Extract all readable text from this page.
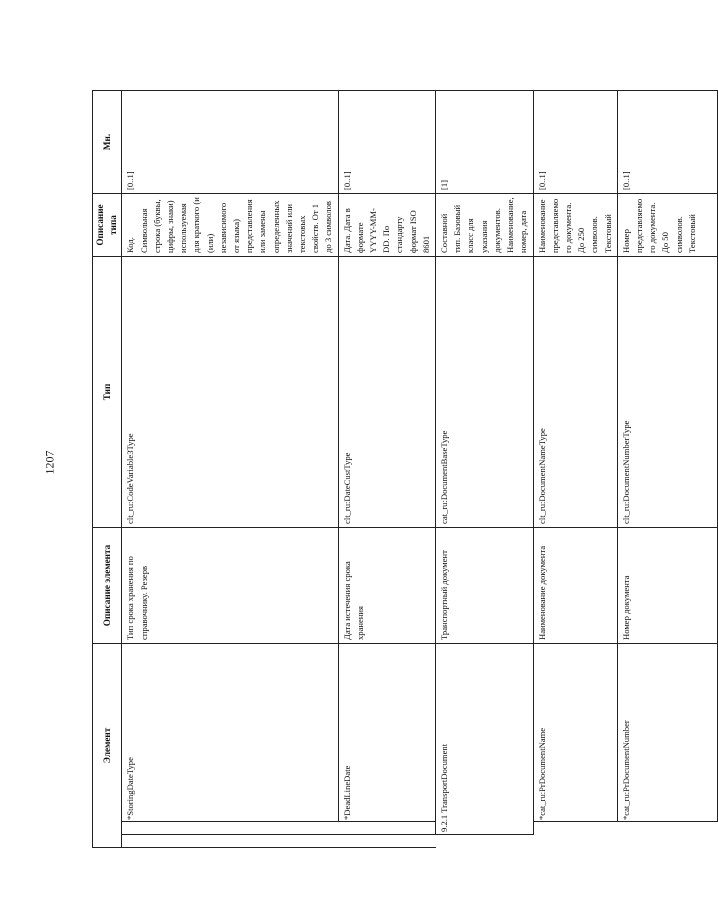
1207
Элемент				Описание элемента	Тип	Описание типа	Мн.
			*StoringDateType	Тип срока хранения по справочнику. Резерв	clt_ru:CodeVariable3Type	Код. Символьная строка (буквы, цифры, знаки) используемая для краткого (и (или) независимого от языка) представления или замены определенных значений или текстовых свойств. От 1 до 3 символов	[0..1]
			*DeadLineDate	Дата истечения срока хранения	clt_ru:DateCustType	Дата. Дата в формате YYYY-MM-DD. По стандарту формат ISO 8601	[0..1]
	9.2.1 TransportDocument			Транспортный документ	cat_ru:DocumentBaseType	Составной тип. Базовый класс для указания документов. Наименование, номер, дата	[1]
			*cat_ru:PrDocumentName	Наименование документа	clt_ru:DocumentNameType	Наименование представляемого документа. До 250 символов. Текстовый	[0..1]
			*cat_ru:PrDocumentNumber	Номер документа	clt_ru:DocumentNumberType	Номер представляемого документа. До 50 символов. Текстовый	[0..1]
